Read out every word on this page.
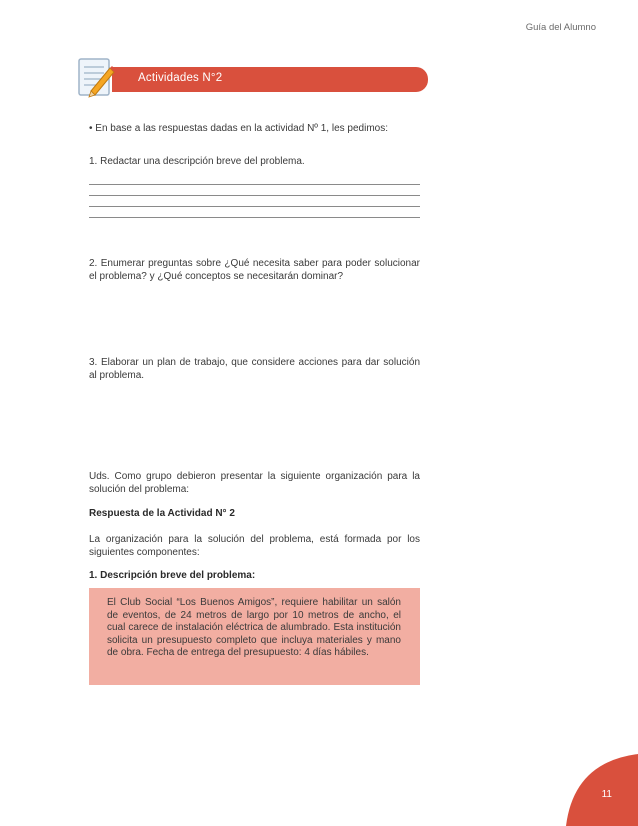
Guía del Alumno
Actividades N°2
• En base a las respuestas dadas en la actividad Nº 1, les pedimos:
1. Redactar una descripción breve del problema.
2. Enumerar preguntas sobre ¿Qué necesita saber para poder solucionar el problema? y ¿Qué conceptos se necesitarán dominar?
3. Elaborar un plan de trabajo, que considere acciones para dar solución al problema.
Uds. Como grupo debieron presentar la siguiente organización para la solución del problema:
Respuesta de la Actividad N° 2
La organización para la solución del problema, está formada por los siguientes componentes:
1. Descripción breve del problema:
El Club Social “Los Buenos Amigos”, requiere habilitar un salón de eventos, de 24 metros de largo por 10 metros de ancho, el cual carece de instalación eléctrica de alumbrado. Esta institución solicita un presupuesto completo que incluya materiales y mano de obra. Fecha de entrega del presupuesto: 4 días hábiles.
11
